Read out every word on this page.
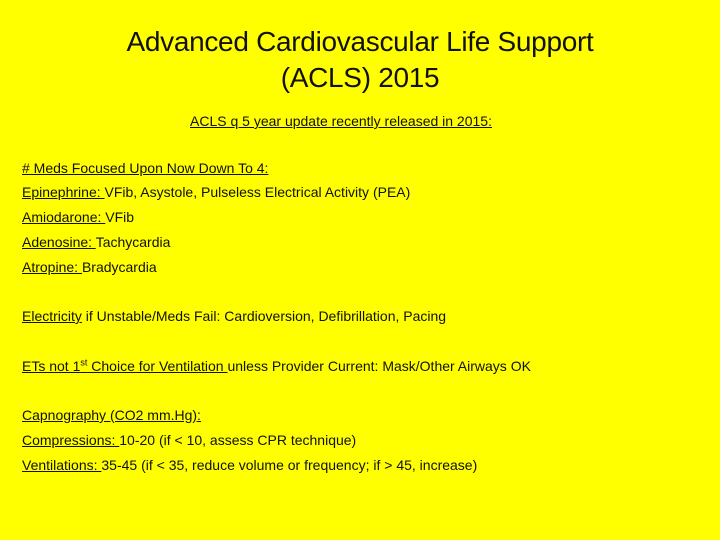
Advanced Cardiovascular Life Support
(ACLS) 2015
ACLS q 5 year update recently released in 2015:
# Meds Focused Upon Now Down To 4:
Epinephrine: VFib, Asystole, Pulseless Electrical Activity (PEA)
Amiodarone: VFib
Adenosine: Tachycardia
Atropine: Bradycardia
Electricity if Unstable/Meds Fail: Cardioversion, Defibrillation, Pacing
ETs not 1st Choice for Ventilation unless Provider Current: Mask/Other Airways OK
Capnography (CO2 mm.Hg):
Compressions: 10-20 (if < 10, assess CPR technique)
Ventilations: 35-45 (if < 35, reduce volume or frequency; if > 45, increase)
